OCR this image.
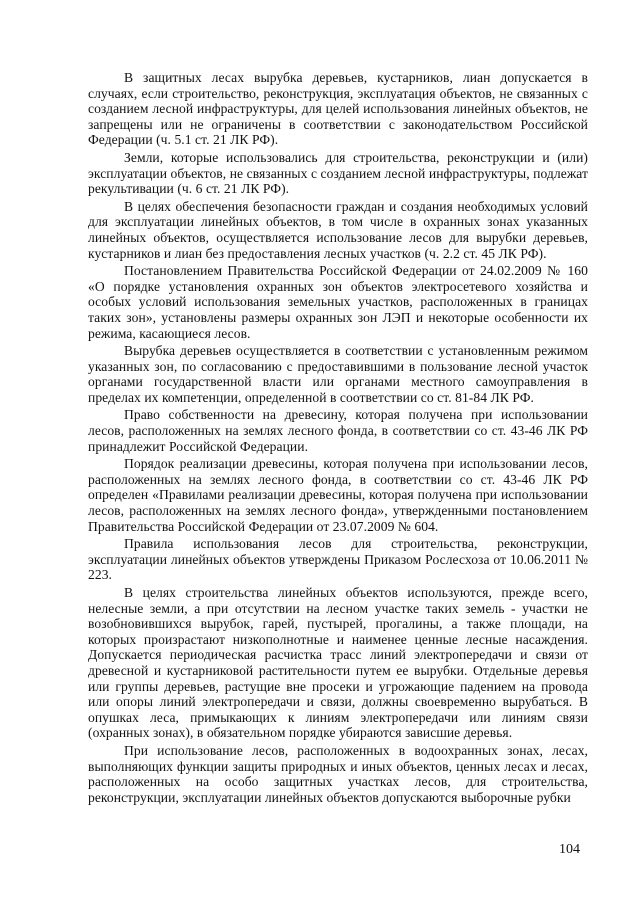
В защитных лесах вырубка деревьев, кустарников, лиан допускается в случаях, если строительство, реконструкция, эксплуатация объектов, не связанных с созданием лесной инфраструктуры, для целей использования линейных объектов, не запрещены или не ограничены в соответствии с законодательством Российской Федерации (ч. 5.1 ст. 21 ЛК РФ).

Земли, которые использовались для строительства, реконструкции и (или) эксплуатации объектов, не связанных с созданием лесной инфраструктуры, подлежат рекультивации (ч. 6 ст. 21 ЛК РФ).

В целях обеспечения безопасности граждан и создания необходимых условий для эксплуатации линейных объектов, в том числе в охранных зонах указанных линейных объектов, осуществляется использование лесов для вырубки деревьев, кустарников и лиан без предоставления лесных участков (ч. 2.2 ст. 45 ЛК РФ).

Постановлением Правительства Российской Федерации от 24.02.2009 № 160 «О порядке установления охранных зон объектов электросетевого хозяйства и особых условий использования земельных участков, расположенных в границах таких зон», установлены размеры охранных зон ЛЭП и некоторые особенности их режима, касающиеся лесов.

Вырубка деревьев осуществляется в соответствии с установленным режимом указанных зон, по согласованию с предоставившими в пользование лесной участок органами государственной власти или органами местного самоуправления в пределах их компетенции, определенной в соответствии со ст. 81-84 ЛК РФ.

Право собственности на древесину, которая получена при использовании лесов, расположенных на землях лесного фонда, в соответствии со ст. 43-46 ЛК РФ принадлежит Российской Федерации.

Порядок реализации древесины, которая получена при использовании лесов, расположенных на землях лесного фонда, в соответствии со ст. 43-46 ЛК РФ определен «Правилами реализации древесины, которая получена при использовании лесов, расположенных на землях лесного фонда», утвержденными постановлением Правительства Российской Федерации от 23.07.2009 № 604.

Правила использования лесов для строительства, реконструкции, эксплуатации линейных объектов утверждены Приказом Рослесхоза от 10.06.2011 № 223.

В целях строительства линейных объектов используются, прежде всего, нелесные земли, а при отсутствии на лесном участке таких земель - участки не возобновившихся вырубок, гарей, пустырей, прогалины, а также площади, на которых произрастают низкополнотные и наименее ценные лесные насаждения. Допускается периодическая расчистка трасс линий электропередачи и связи от древесной и кустарниковой растительности путем ее вырубки. Отдельные деревья или группы деревьев, растущие вне просеки и угрожающие падением на провода или опоры линий электропередачи и связи, должны своевременно вырубаться. В опушках леса, примыкающих к линиям электропередачи или линиям связи (охранных зонах), в обязательном порядке убираются зависшие деревья.

При использование лесов, расположенных в водоохранных зонах, лесах, выполняющих функции защиты природных и иных объектов, ценных лесах и лесах, расположенных на особо защитных участках лесов, для строительства, реконструкции, эксплуатации линейных объектов допускаются выборочные рубки

104
